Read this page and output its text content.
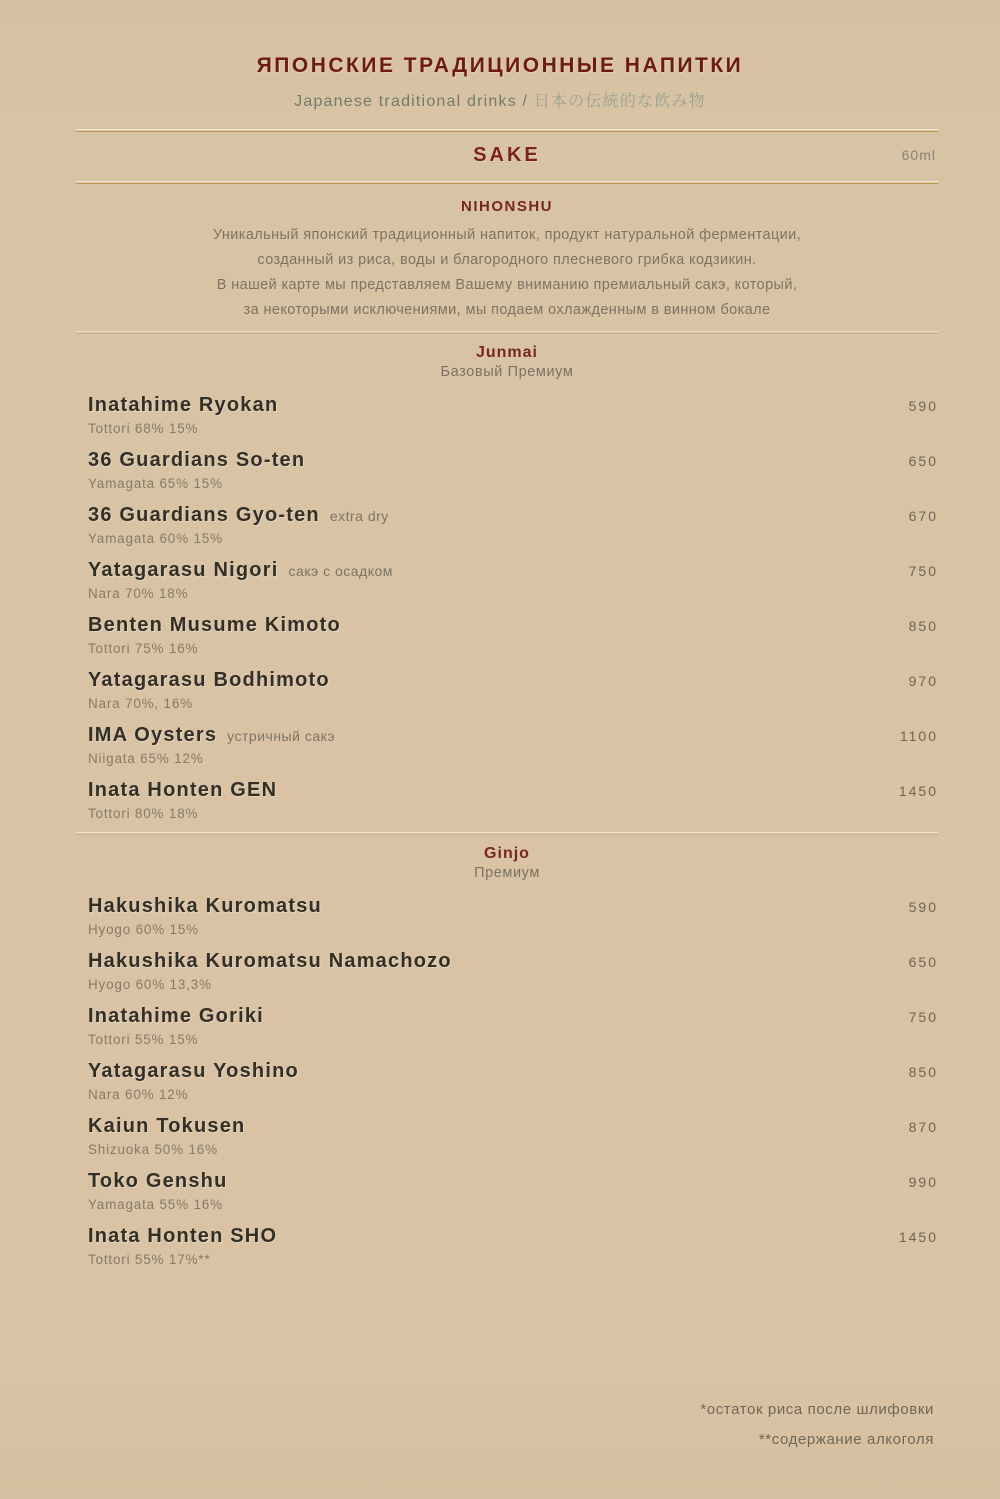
ЯПОНСКИЕ ТРАДИЦИОННЫЕ НАПИТКИ
Japanese traditional drinks / 日本の伝統的な飲み物
SAKE	60ml
NIHONSHU
Уникальный японский традиционный напиток, продукт натуральной ферментации,
созданный из риса, воды и благородного плесневого грибка кодзикин.
В нашей карте мы представляем Вашему вниманию премиальный сакэ, который,
за некоторыми исключениями, мы подаем охлажденным в винном бокале
Junmai
Базовый Премиум
Inatahime Ryokan	590
Tottori 68% 15%
36 Guardians So-ten	650
Yamagata 65% 15%
36 Guardians Gyo-ten extra dry	670
Yamagata 60% 15%
Yatagarasu Nigori сакэ с осадком	750
Nara 70% 18%
Benten Musume Kimoto	850
Tottori 75% 16%
Yatagarasu Bodhimoto	970
Nara 70%, 16%
IMA Oysters устричный сакэ	1100
Niigata 65% 12%
Inata Honten GEN	1450
Tottori 80% 18%
Ginjo
Премиум
Hakushika Kuromatsu	590
Hyogo 60% 15%
Hakushika Kuromatsu Namachozo	650
Hyogo 60% 13,3%
Inatahime Goriki	750
Tottori 55% 15%
Yatagarasu Yoshino	850
Nara 60% 12%
Kaiun Tokusen	870
Shizuoka 50% 16%
Toko Genshu	990
Yamagata 55% 16%
Inata Honten SHO	1450
Tottori 55% 17%**
*остаток риса после шлифовки
**содержание алкоголя
